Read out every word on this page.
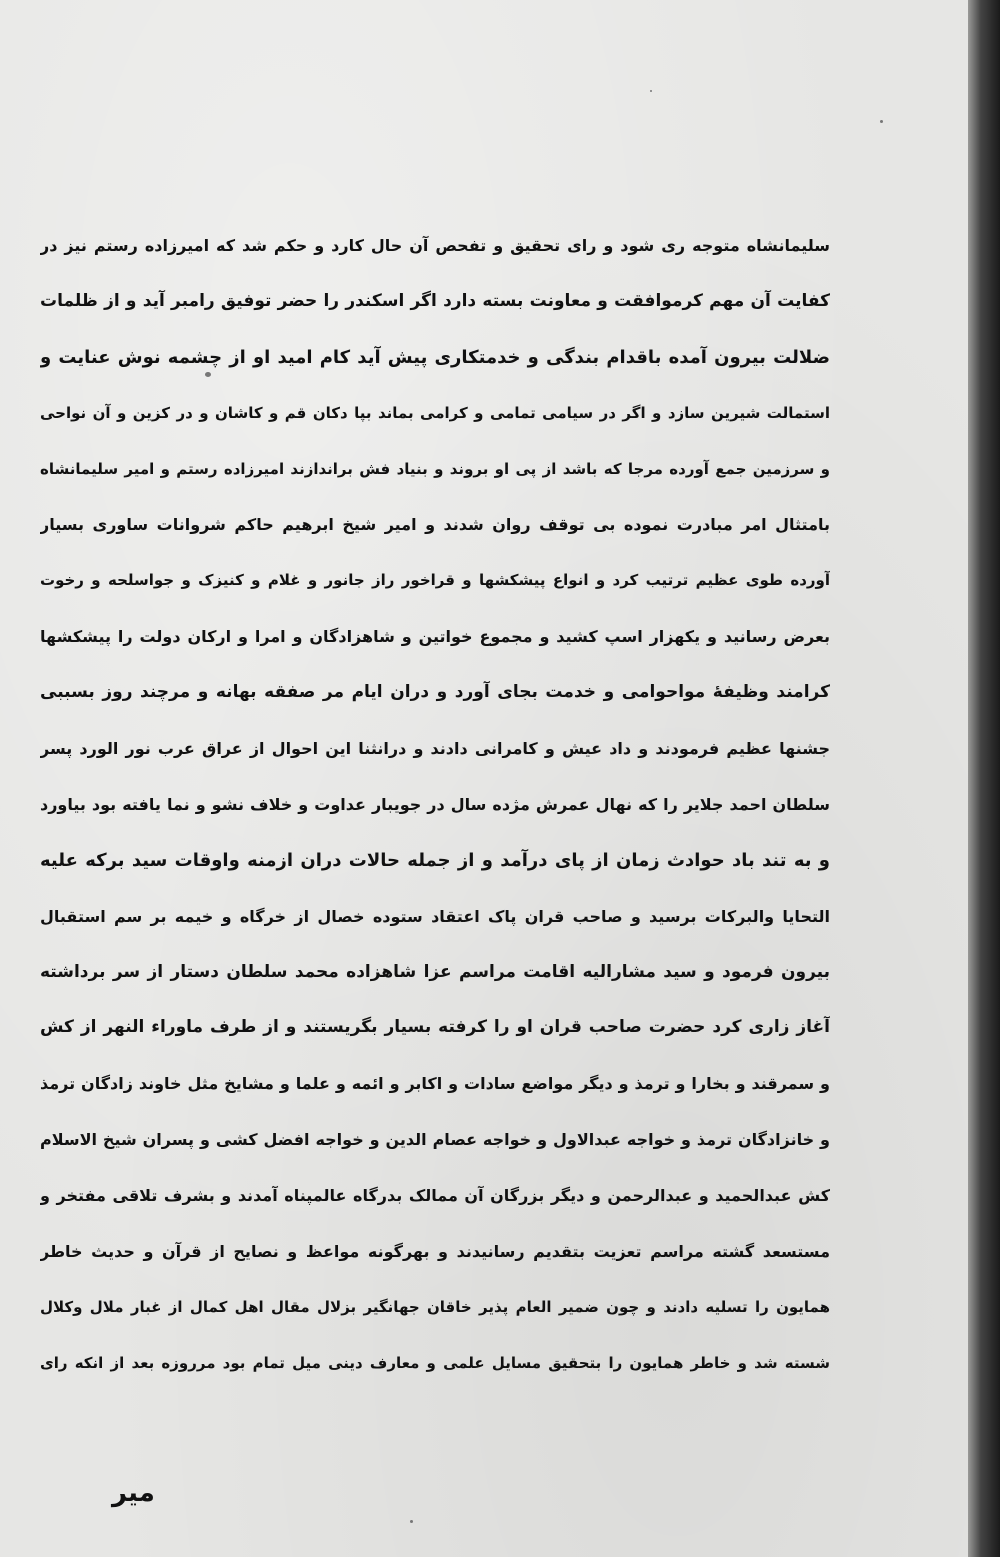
سلیمانشاه متوجه ری شود و رای تحقیق و تفحص آن حال کارد و حکم شد که امیرزاده رستم نیز در
کفایت آن مهم کرموافقت و معاونت بسته دارد اگر اسکندر را حضر توفیق رامبر آید و از ظلمات
ضلالت بیرون آمده باقدام بندگی و خدمتکاری پیش آید کام امید او از چشمه نوش عنایت و
استمالت شیرین سازد و اگر در سیامی تمامی و کرامی بماند بپا دکان قم و کاشان و در کزین و آن نواحی
و سرزمین جمع آورده مرجا که باشد از پی او بروند و بنیاد فش براندازند امیرزاده رستم و امیر سلیمانشاه
بامتثال امر مبادرت نموده بی توقف روان شدند و امیر شیخ ابرهیم حاکم شروانات ساوری بسیار
آورده طوی عظیم ترتیب کرد و انواع پیشکشها و قراخور راز جانور و غلام و کنیزک و جواسلحه و رخوت
بعرض رسانید و یکهزار اسپ کشید و مجموع خواتین و شاهزادگان و امرا و ارکان دولت را پیشکشها
کرامند وظیفهٔ مواحوامی و خدمت بجای آورد و دران ایام مر صفقه بهانه و مرچند روز بسببی
جشنها عظیم فرمودند و داد عیش و کامرانی دادند و درانثنا این احوال از عراق عرب نور الورد پسر
سلطان احمد جلایر را که نهال عمرش مژده سال در جویبار عداوت و خلاف نشو و نما یافته بود بیاورد
و به تند باد حوادث زمان از پای درآمد و از جمله حالات دران ازمنه واوقات سید برکه علیه
التحایا والبرکات برسید و صاحب قران پاک اعتقاد ستوده خصال از خرگاه و خیمه بر سم استقبال
بیرون فرمود و سید مشارالیه اقامت مراسم عزا شاهزاده محمد سلطان دستار از سر برداشته
آغاز زاری کرد حضرت صاحب قران او را کرفته بسیار بگریستند و از طرف ماوراء النهر از کش
و سمرقند و بخارا و ترمذ و دیگر مواضع سادات و اکابر و ائمه و علما و مشایخ مثل خاوند زادگان ترمذ
و خانزادگان ترمذ و خواجه عبدالاول و خواجه عصام الدین و خواجه افضل کشی و پسران شیخ الاسلام
کش عبدالحمید و عبدالرحمن و دیگر بزرگان آن ممالک بدرگاه عالمپناه آمدند و بشرف تلاقی مفتخر و
مستسعد گشته مراسم تعزیت بتقدیم رسانیدند و بهرگونه مواعظ و نصایح از قرآن و حدیث خاطر
همایون را تسلیه دادند و چون ضمیر العام پذیر خاقان جهانگیر بزلال مقال اهل کمال از غبار ملال وکلال
شسته شد و خاطر همایون را بتحقیق مسایل علمی و معارف دینی میل تمام بود مرروزه بعد از انکه رای
میر
